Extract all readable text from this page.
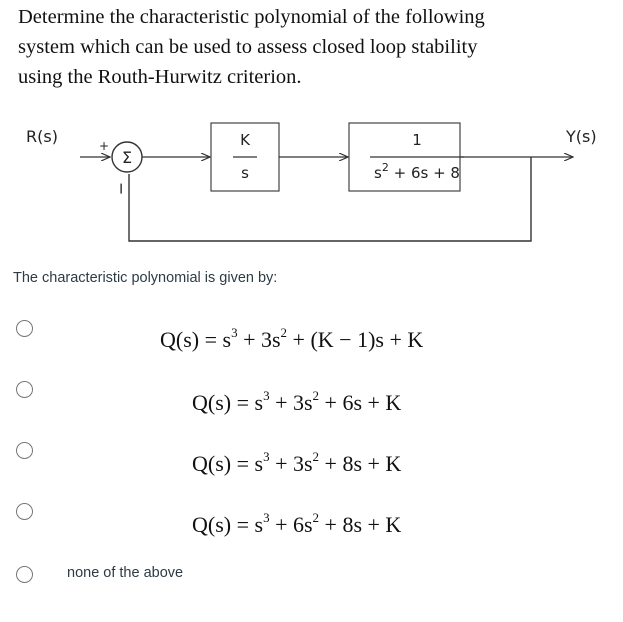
Determine the characteristic polynomial of the following
system which can be used to assess closed loop stability
using the Routh-Hurwitz criterion.

R(s)	Y(s)
Σ
+
−
K
s
1
$s^2 + 6s + 8$

The characteristic polynomial is given by:

$Q(s) = s^3 + 3s^2 + (K - 1)s + K$
$Q(s) = s^3 + 3s^2 + 6s + K$
$Q(s) = s^3 + 3s^2 + 8s + K$
$Q(s) = s^3 + 6s^2 + 8s + K$
none of the above
